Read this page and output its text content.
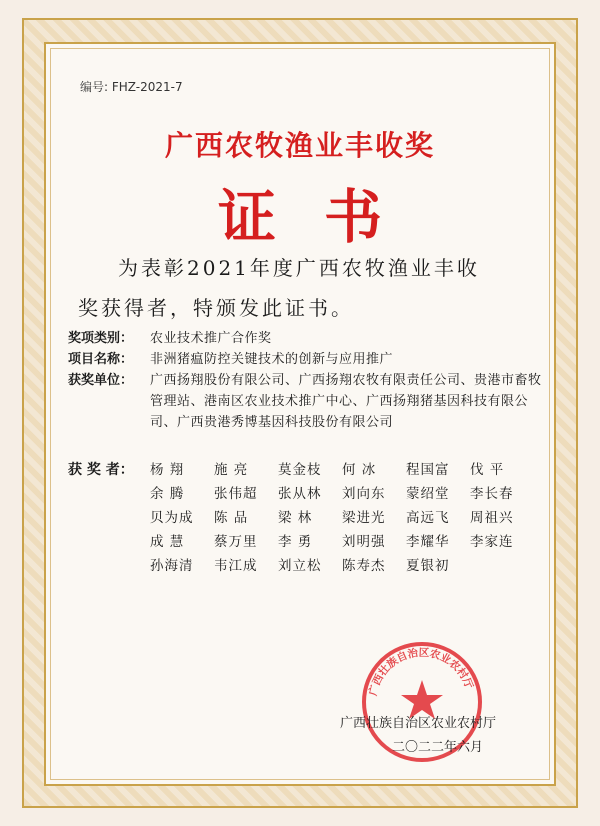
编号: FHZ-2021-7
广西农牧渔业丰收奖
证书
为表彰2021年度广西农牧渔业丰收
奖获得者，特颁发此证书。
奖项类别：	农业技术推广合作奖
项目名称：	非洲猪瘟防控关键技术的创新与应用推广
获奖单位：	广西扬翔股份有限公司、广西扬翔农牧有限责任公司、贵港市畜牧管理站、港南区农业技术推广中心、广西扬翔猪基因科技有限公司、广西贵港秀博基因科技股份有限公司
获 奖 者：	杨 翔	施 亮	莫金枝	何 冰	程国富	伐 平
余 腾	张伟超	张从林	刘向东	蒙绍堂	李长春
贝为成	陈 品	梁 林	梁进光	高远飞	周祖兴
成 慧	蔡万里	李 勇	刘明强	李耀华	李家连
孙海清	韦江成	刘立松	陈寿杰	夏银初
广西壮族自治区农业农村厅
广西壮族自治区农业农村厅
二〇二二年六月
